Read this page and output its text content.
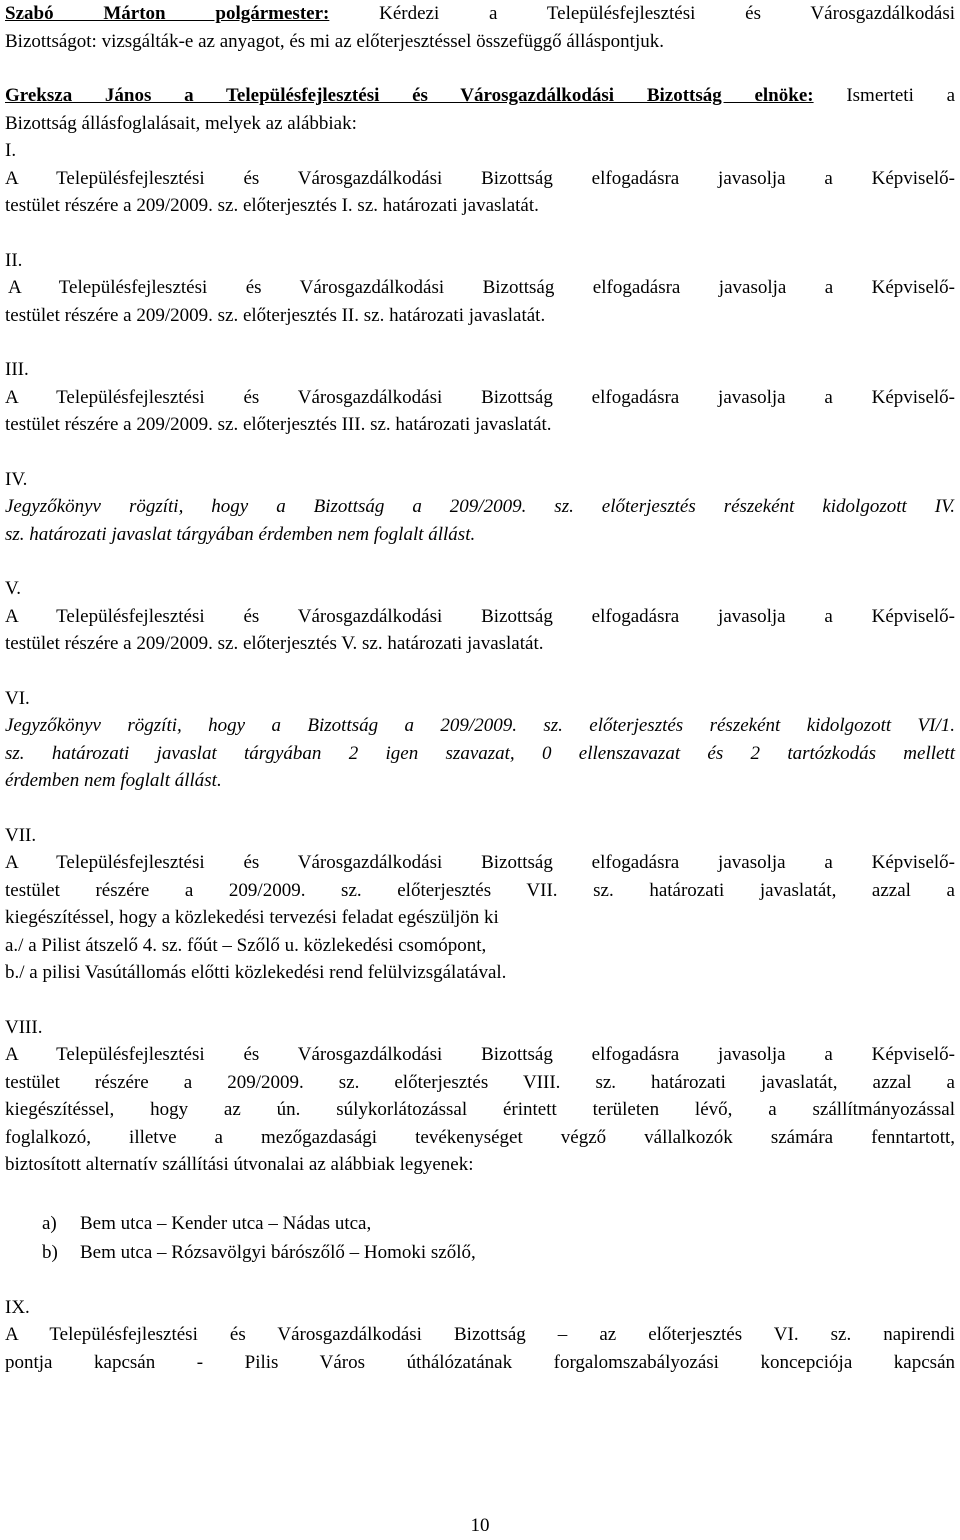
Szabó Márton polgármester:	Kérdezi a Településfejlesztési és Városgazdálkodási
Bizottságot: vizsgálták-e az anyagot, és mi az előterjesztéssel összefüggő álláspontjuk.
Greksza János a Településfejlesztési és Városgazdálkodási Bizottság elnöke: Ismerteti a
Bizottság állásfoglalásait, melyek az alábbiak:
I.
A Településfejlesztési és Városgazdálkodási Bizottság elfogadásra javasolja a Képviselő-
testület részére a 209/2009. sz. előterjesztés I. sz. határozati javaslatát.
II.
A Településfejlesztési és Városgazdálkodási Bizottság elfogadásra javasolja a Képviselő-
testület részére a 209/2009. sz. előterjesztés II. sz. határozati javaslatát.
III.
A Településfejlesztési és Városgazdálkodási Bizottság elfogadásra javasolja a Képviselő-
testület részére a 209/2009. sz. előterjesztés III. sz. határozati javaslatát.
IV.
Jegyzőkönyv rögzíti, hogy a Bizottság a 209/2009. sz. előterjesztés részeként kidolgozott IV.
sz. határozati javaslat tárgyában érdemben nem foglalt állást.
V.
A Településfejlesztési és Városgazdálkodási Bizottság elfogadásra javasolja a Képviselő-
testület részére a 209/2009. sz. előterjesztés V. sz. határozati javaslatát.
VI.
Jegyzőkönyv rögzíti, hogy a Bizottság a 209/2009. sz. előterjesztés részeként kidolgozott VI/1.
sz. határozati javaslat tárgyában 2 igen szavazat, 0 ellenszavazat és 2 tartózkodás mellett
érdemben nem foglalt állást.
VII.
A Településfejlesztési és Városgazdálkodási Bizottság elfogadásra javasolja a Képviselő-
testület részére a 209/2009. sz. előterjesztés VII. sz. határozati javaslatát, azzal a
kiegészítéssel, hogy a közlekedési tervezési feladat egészüljön ki
a./ a Pilist átszelő 4. sz. főút – Szőlő u. közlekedési csomópont,
b./ a pilisi Vasútállomás előtti közlekedési rend felülvizsgálatával.
VIII.
A Településfejlesztési és Városgazdálkodási Bizottság elfogadásra javasolja a Képviselő-
testület részére a 209/2009. sz. előterjesztés VIII. sz. határozati javaslatát, azzal a
kiegészítéssel, hogy az ún. súlykorlátozással érintett területen lévő, a szállítmányozással
foglalkozó, illetve a mezőgazdasági tevékenységet végző vállalkozók számára fenntartott,
biztosított alternatív szállítási útvonalai az alábbiak legyenek:
a) Bem utca – Kender utca – Nádas utca,
b) Bem utca – Rózsavölgyi bárószőlő – Homoki szőlő,
IX.
A Településfejlesztési és Városgazdálkodási Bizottság – az előterjesztés VI. sz. napirendi
pontja kapcsán - Pilis Város úthálózatának forgalomszabályozási koncepciója kapcsán
10
